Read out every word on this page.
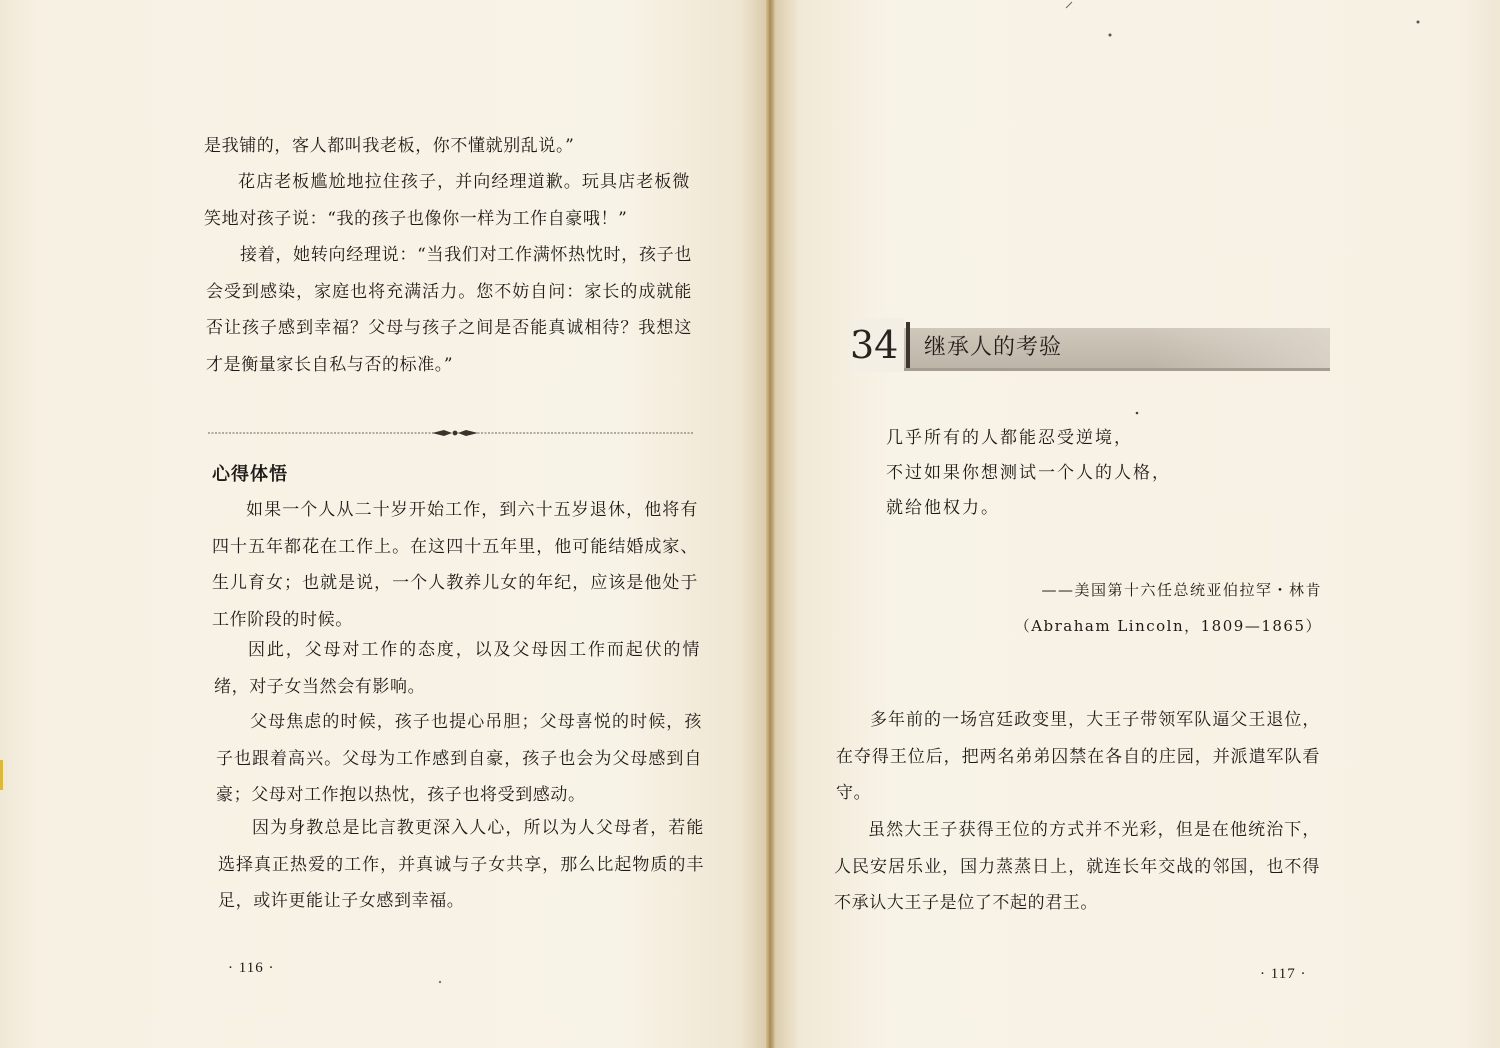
是我铺的，客人都叫我老板，你不懂就别乱说。”

花店老板尴尬地拉住孩子，并向经理道歉。玩具店老板微笑地对孩子说：“我的孩子也像你一样为工作自豪哦！”

接着，她转向经理说：“当我们对工作满怀热忱时，孩子也会受到感染，家庭也将充满活力。您不妨自问：家长的成就能否让孩子感到幸福？父母与孩子之间是否能真诚相待？我想这才是衡量家长自私与否的标准。”

心得体悟

如果一个人从二十岁开始工作，到六十五岁退休，他将有四十五年都花在工作上。在这四十五年里，他可能结婚成家、生儿育女；也就是说，一个人教养儿女的年纪，应该是他处于工作阶段的时候。

因此，父母对工作的态度，以及父母因工作而起伏的情绪，对子女当然会有影响。

父母焦虑的时候，孩子也提心吊胆；父母喜悦的时候，孩子也跟着高兴。父母为工作感到自豪，孩子也会为父母感到自豪；父母对工作抱以热忱，孩子也将受到感动。

因为身教总是比言教更深入人心，所以为人父母者，若能选择真正热爱的工作，并真诚与子女共享，那么比起物质的丰足，或许更能让子女感到幸福。

· 116 ·
34 继承人的考验
几乎所有的人都能忍受逆境，
不过如果你想测试一个人的人格，
就给他权力。
——美国第十六任总统亚伯拉罕・林肯
（Abraham Lincoln，1809—1865）

多年前的一场宫廷政变里，大王子带领军队逼父王退位，在夺得王位后，把两名弟弟囚禁在各自的庄园，并派遣军队看守。

虽然大王子获得王位的方式并不光彩，但是在他统治下，人民安居乐业，国力蒸蒸日上，就连长年交战的邻国，也不得不承认大王子是位了不起的君王。

· 117 ·
